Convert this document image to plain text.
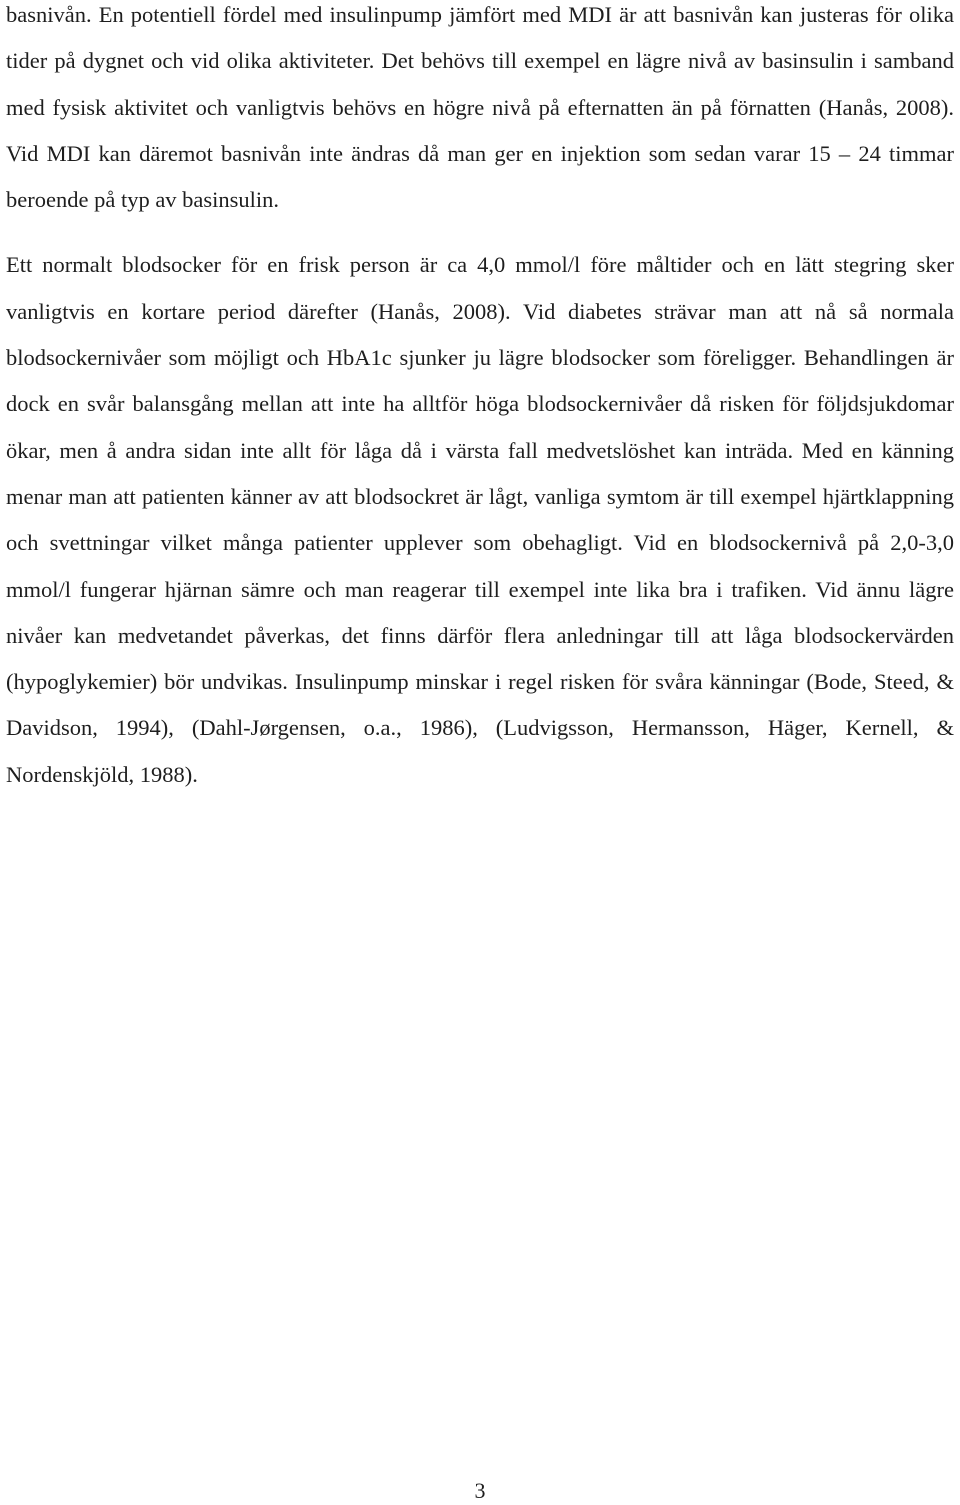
basnivån. En potentiell fördel med insulinpump jämfört med MDI är att basnivån kan justeras för olika tider på dygnet och vid olika aktiviteter. Det behövs till exempel en lägre nivå av basinsulin i samband med fysisk aktivitet och vanligtvis behövs en högre nivå på efternatten än på förnatten (Hanås, 2008). Vid MDI kan däremot basnivån inte ändras då man ger en injektion som sedan varar 15 – 24 timmar beroende på typ av basinsulin.

Ett normalt blodsocker för en frisk person är ca 4,0 mmol/l före måltider och en lätt stegring sker vanligtvis en kortare period därefter (Hanås, 2008). Vid diabetes strävar man att nå så normala blodsockernivåer som möjligt och HbA1c sjunker ju lägre blodsocker som föreligger. Behandlingen är dock en svår balansgång mellan att inte ha alltför höga blodsockernivåer då risken för följdsjukdomar ökar, men å andra sidan inte allt för låga då i värsta fall medvetslöshet kan inträda. Med en känning menar man att patienten känner av att blodsockret är lågt, vanliga symtom är till exempel hjärtklappning och svettningar vilket många patienter upplever som obehagligt. Vid en blodsockernivå på 2,0-3,0 mmol/l fungerar hjärnan sämre och man reagerar till exempel inte lika bra i trafiken. Vid ännu lägre nivåer kan medvetandet påverkas, det finns därför flera anledningar till att låga blodsockervärden (hypoglykemier) bör undvikas. Insulinpump minskar i regel risken för svåra känningar (Bode, Steed, & Davidson, 1994), (Dahl-Jørgensen, o.a., 1986), (Ludvigsson, Hermansson, Häger, Kernell, & Nordenskjöld, 1988).

3
